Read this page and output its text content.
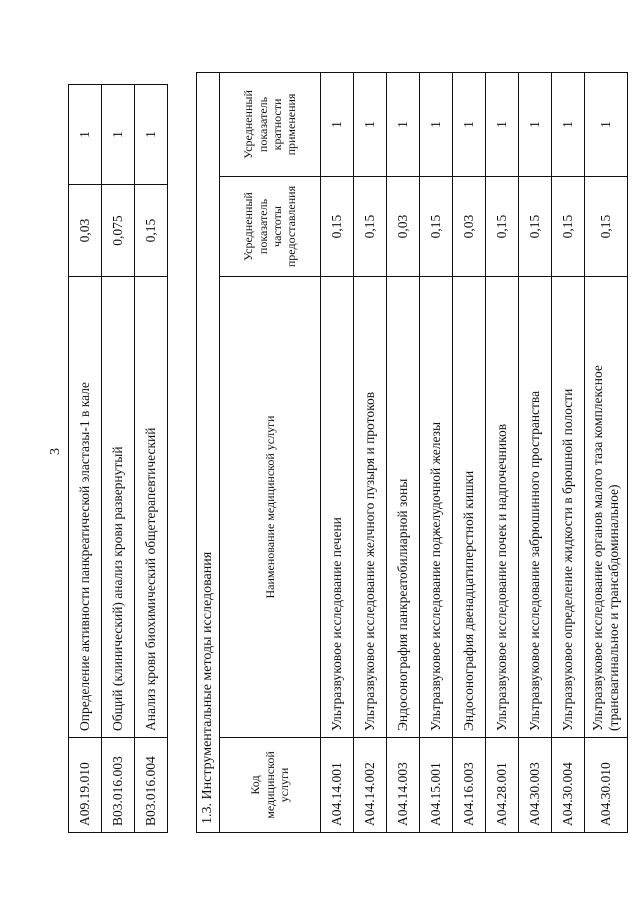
3
A09.19.010	Определение активности панкреатической эластазы-1 в кале	0,03	1
B03.016.003	Общий (клинический) анализ крови развернутый	0,075	1
B03.016.004	Анализ крови биохимический общетерапевтический	0,15	1
1.3. Инструментальные методы исследования			
Код медицинской услуги	Наименование медицинской услуги	Усредненный показатель частоты предоставления	Усредненный показатель кратности применения
A04.14.001	Ультразвуковое исследование печени	0,15	1
A04.14.002	Ультразвуковое исследование желчного пузыря и протоков	0,15	1
A04.14.003	Эндосонография панкреатобилиарной зоны	0,03	1
A04.15.001	Ультразвуковое исследование поджелудочной железы	0,15	1
A04.16.003	Эндосонография двенадцатиперстной кишки	0,03	1
A04.28.001	Ультразвуковое исследование почек и надпочечников	0,15	1
A04.30.003	Ультразвуковое исследование забрюшинного пространства	0,15	1
A04.30.004	Ультразвуковое определение жидкости в брюшной полости	0,15	1
A04.30.010	Ультразвуковое исследование органов малого таза комплексное (трансвагинальное и трансабдоминальное)	0,15	1
